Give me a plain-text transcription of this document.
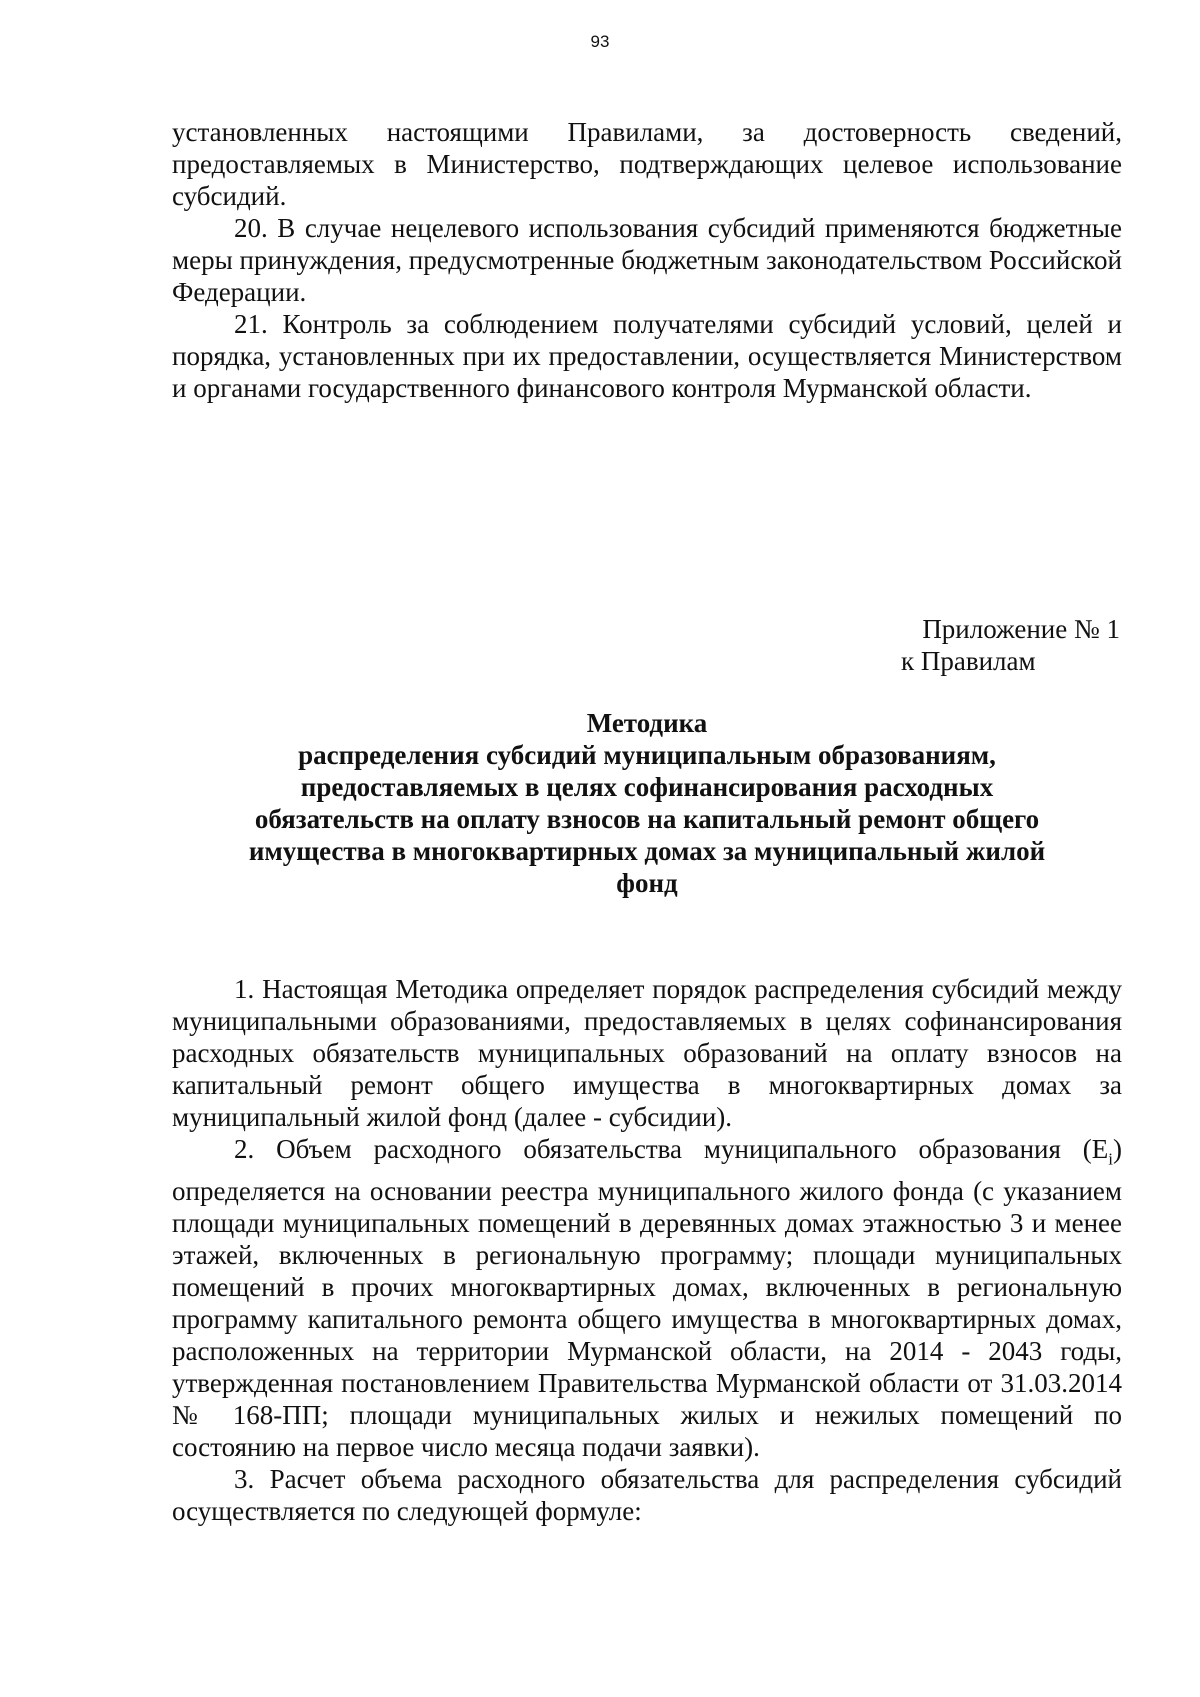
93

установленных настоящими Правилами, за достоверность сведений, предоставляемых в Министерство, подтверждающих целевое использование субсидий.

20. В случае нецелевого использования субсидий применяются бюджетные меры принуждения, предусмотренные бюджетным законодательством Российской Федерации.

21. Контроль за соблюдением получателями субсидий условий, целей и порядка, установленных при их предоставлении, осуществляется Министерством и органами государственного финансового контроля Мурманской области.

Приложение № 1
к Правилам
Методика
распределения субсидий муниципальным образованиям,
предоставляемых в целях софинансирования расходных
обязательств на оплату взносов на капитальный ремонт общего
имущества в многоквартирных домах за муниципальный жилой
фонд

1. Настоящая Методика определяет порядок распределения субсидий между муниципальными образованиями, предоставляемых в целях софинансирования расходных обязательств муниципальных образований на оплату взносов на капитальный ремонт общего имущества в многоквартирных домах за муниципальный жилой фонд (далее - субсидии).

2. Объем расходного обязательства муниципального образования $(E_i)$ определяется на основании реестра муниципального жилого фонда (с указанием площади муниципальных помещений в деревянных домах этажностью 3 и менее этажей, включенных в региональную программу; площади муниципальных помещений в прочих многоквартирных домах, включенных в региональную программу капитального ремонта общего имущества в многоквартирных домах, расположенных на территории Мурманской области, на 2014 - 2043 годы, утвержденная постановлением Правительства Мурманской области от 31.03.2014 № 168-ПП; площади муниципальных жилых и нежилых помещений по состоянию на первое число месяца подачи заявки).

3. Расчет объема расходного обязательства для распределения субсидий осуществляется по следующей формуле:
